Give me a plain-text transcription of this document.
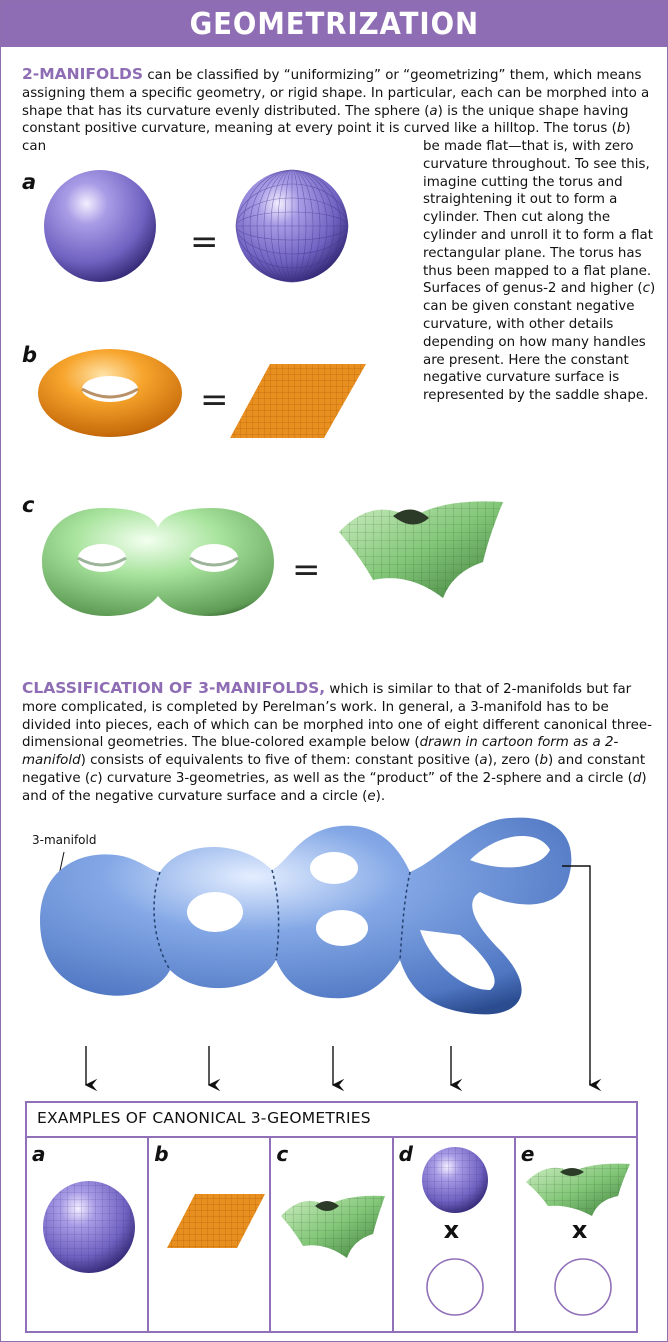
GEOMETRIZATION
2-MANIFOLDS can be classified by “uniformizing” or “geometrizing” them, which means assigning them a specific geometry, or rigid shape. In particular, each can be morphed into a shape that has its curvature evenly distributed. The sphere (a) is the unique shape having constant positive curvature, meaning at every point it is curved like a hilltop. The torus (b) can	be made flat—that is, with zero curvature throughout. To see this, imagine cutting the torus and straightening it out to form a cylinder. Then cut along the cylinder and unroll it to form a flat rectangular plane. The torus has thus been mapped to a flat plane. Surfaces of genus-2 and higher (c) can be given constant negative curvature, with other details depending on how many handles are present. Here the constant negative curvature surface is represented by the saddle shape.
a
b
c
=
=
=
CLASSIFICATION OF 3-MANIFOLDS, which is similar to that of 2-manifolds but far more complicated, is completed by Perelman’s work. In general, a 3-manifold has to be divided into pieces, each of which can be morphed into one of eight different canonical three-dimensional geometries. The blue-colored example below (drawn in cartoon form as a 2-manifold) consists of equivalents to five of them: constant positive (a), zero (b) and constant negative (c) curvature 3-geometries, as well as the “product” of the 2-sphere and a circle (d) and of the negative curvature surface and a circle (e).
3-manifold
EXAMPLES OF CANONICAL 3-GEOMETRIES
a	b	c	d
x
e
x
